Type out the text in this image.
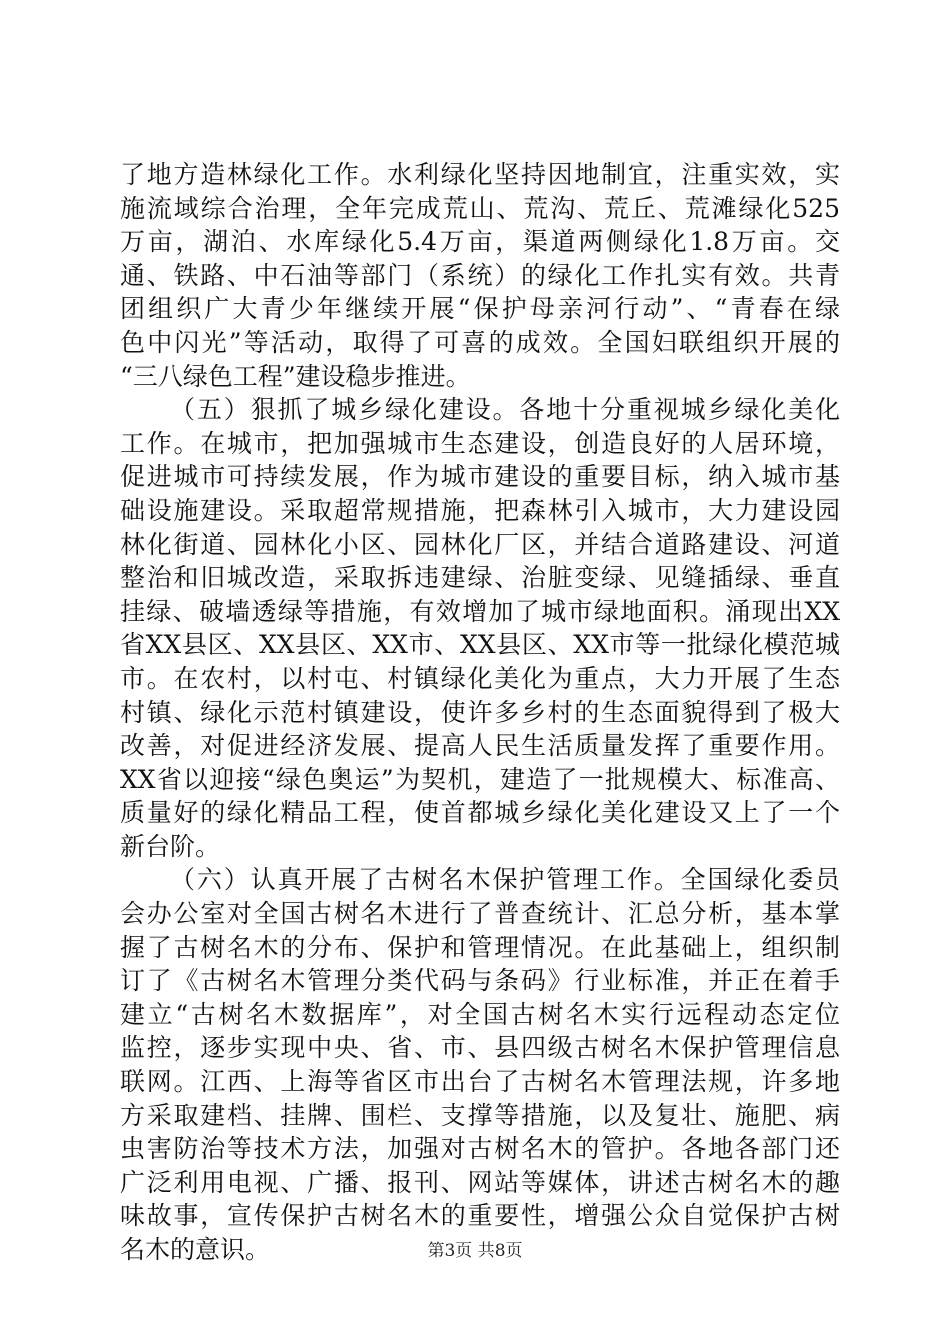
了地方造林绿化工作。水利绿化坚持因地制宜，注重实效，实
施流域综合治理，全年完成荒山、荒沟、荒丘、荒滩绿化525
万亩，湖泊、水库绿化5.4万亩，渠道两侧绿化1.8万亩。交
通、铁路、中石油等部门（系统）的绿化工作扎实有效。共青
团组织广大青少年继续开展“保护母亲河行动”、“青春在绿
色中闪光”等活动，取得了可喜的成效。全国妇联组织开展的
“三八绿色工程”建设稳步推进。
（五）狠抓了城乡绿化建设。各地十分重视城乡绿化美化
工作。在城市，把加强城市生态建设，创造良好的人居环境，
促进城市可持续发展，作为城市建设的重要目标，纳入城市基
础设施建设。采取超常规措施，把森林引入城市，大力建设园
林化街道、园林化小区、园林化厂区，并结合道路建设、河道
整治和旧城改造，采取拆违建绿、治脏变绿、见缝插绿、垂直
挂绿、破墙透绿等措施，有效增加了城市绿地面积。涌现出XX
省XX县区、XX县区、XX市、XX县区、XX市等一批绿化模范城
市。在农村，以村屯、村镇绿化美化为重点，大力开展了生态
村镇、绿化示范村镇建设，使许多乡村的生态面貌得到了极大
改善，对促进经济发展、提高人民生活质量发挥了重要作用。
XX省以迎接“绿色奥运”为契机，建造了一批规模大、标准高、
质量好的绿化精品工程，使首都城乡绿化美化建设又上了一个
新台阶。
（六）认真开展了古树名木保护管理工作。全国绿化委员
会办公室对全国古树名木进行了普查统计、汇总分析，基本掌
握了古树名木的分布、保护和管理情况。在此基础上，组织制
订了《古树名木管理分类代码与条码》行业标准，并正在着手
建立“古树名木数据库”，对全国古树名木实行远程动态定位
监控，逐步实现中央、省、市、县四级古树名木保护管理信息
联网。江西、上海等省区市出台了古树名木管理法规，许多地
方采取建档、挂牌、围栏、支撑等措施，以及复壮、施肥、病
虫害防治等技术方法，加强对古树名木的管护。各地各部门还
广泛利用电视、广播、报刊、网站等媒体，讲述古树名木的趣
味故事，宣传保护古树名木的重要性，增强公众自觉保护古树
名木的意识。	第3页 共8页
